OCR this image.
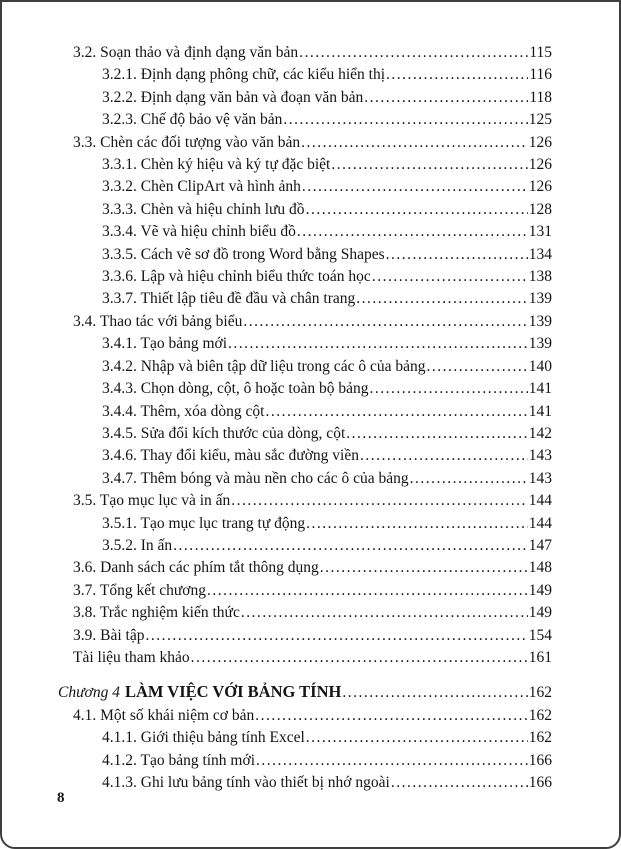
3.2. Soạn thảo và định dạng văn bản .....	115
3.2.1. Định dạng phông chữ, các kiểu hiển thị .....	116
3.2.2. Định dạng văn bản và đoạn văn bản .....	118
3.2.3. Chế độ bảo vệ văn bản .....	125
3.3. Chèn các đối tượng vào văn bản .....	126
3.3.1. Chèn ký hiệu và ký tự đặc biệt .....	126
3.3.2. Chèn ClipArt và hình ảnh .....	126
3.3.3. Chèn và hiệu chỉnh lưu đồ .....	128
3.3.4. Vẽ và hiệu chỉnh biểu đồ .....	131
3.3.5. Cách vẽ sơ đồ trong Word bằng Shapes .....	134
3.3.6. Lập và hiệu chỉnh biểu thức toán học .....	138
3.3.7. Thiết lập tiêu đề đầu và chân trang .....	139
3.4. Thao tác với bảng biểu .....	139
3.4.1. Tạo bảng mới .....	139
3.4.2. Nhập và biên tập dữ liệu trong các ô của bảng .....	140
3.4.3. Chọn dòng, cột, ô hoặc toàn bộ bảng .....	141
3.4.4. Thêm, xóa dòng cột .....	141
3.4.5. Sửa đổi kích thước của dòng, cột .....	142
3.4.6. Thay đổi kiểu, màu sắc đường viền .....	143
3.4.7. Thêm bóng và màu nền cho các ô của bảng .....	143
3.5. Tạo mục lục và in ấn .....	144
3.5.1. Tạo mục lục trang tự động .....	144
3.5.2. In ấn .....	147
3.6. Danh sách các phím tắt thông dụng .....	148
3.7. Tổng kết chương .....	149
3.8. Trắc nghiệm kiến thức .....	149
3.9. Bài tập .....	154
Tài liệu tham khảo .....	161
Chương 4 LÀM VIỆC VỚI BẢNG TÍNH .....	162
4.1. Một số khái niệm cơ bản .....	162
4.1.1. Giới thiệu bảng tính Excel .....	162
4.1.2. Tạo bảng tính mới .....	166
4.1.3. Ghi lưu bảng tính vào thiết bị nhớ ngoài .....	166
8
